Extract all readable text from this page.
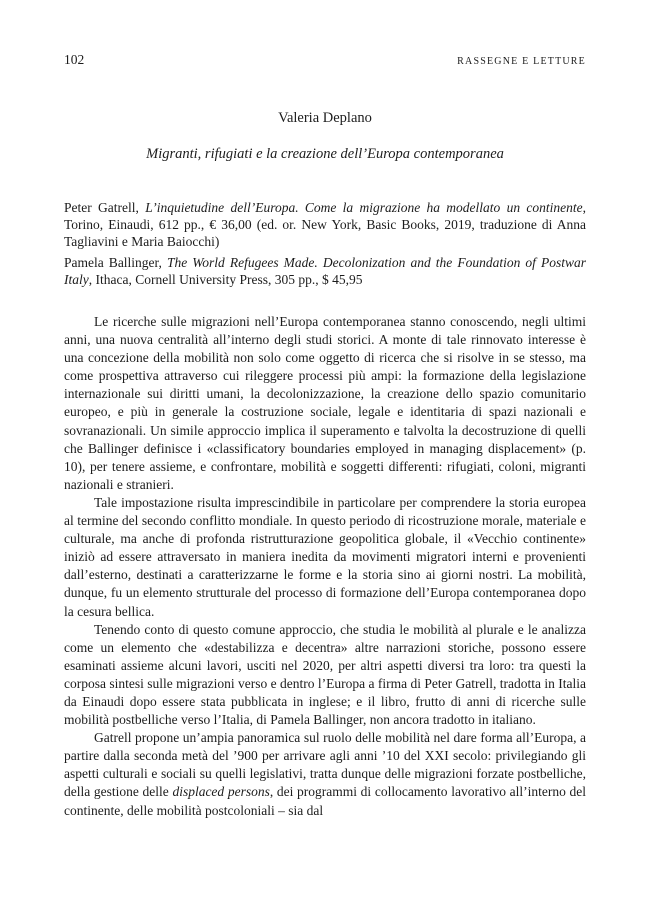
102	RASSEGNE E LETTURE
Valeria Deplano
Migranti, rifugiati e la creazione dell’Europa contemporanea

Peter Gatrell, L’inquietudine dell’Europa. Come la migrazione ha modellato un continente, Torino, Einaudi, 612 pp., € 36,00 (ed. or. New York, Basic Books, 2019, traduzione di Anna Tagliavini e Maria Baiocchi)

Pamela Ballinger, The World Refugees Made. Decolonization and the Foundation of Postwar Italy, Ithaca, Cornell University Press, 305 pp., $ 45,95

Le ricerche sulle migrazioni nell’Europa contemporanea stanno conoscendo, negli ultimi anni, una nuova centralità all’interno degli studi storici. A monte di tale rinnovato interesse è una concezione della mobilità non solo come oggetto di ricerca che si risolve in se stesso, ma come prospettiva attraverso cui rileggere processi più ampi: la formazione della legislazione internazionale sui diritti umani, la decolonizzazione, la creazione dello spazio comunitario europeo, e più in generale la costruzione sociale, legale e identitaria di spazi nazionali e sovranazionali. Un simile approccio implica il superamento e talvolta la decostruzione di quelli che Ballinger definisce i «classificatory boundaries employed in managing displacement» (p. 10), per tenere assieme, e confrontare, mobilità e soggetti differenti: rifugiati, coloni, migranti nazionali e stranieri.

Tale impostazione risulta imprescindibile in particolare per comprendere la storia europea al termine del secondo conflitto mondiale. In questo periodo di ricostruzione morale, materiale e culturale, ma anche di profonda ristrutturazione geopolitica globale, il «Vecchio continente» iniziò ad essere attraversato in maniera inedita da movimenti migratori interni e provenienti dall’esterno, destinati a caratterizzarne le forme e la storia sino ai giorni nostri. La mobilità, dunque, fu un elemento strutturale del processo di formazione dell’Europa contemporanea dopo la cesura bellica.

Tenendo conto di questo comune approccio, che studia le mobilità al plurale e le analizza come un elemento che «destabilizza e decentra» altre narrazioni storiche, possono essere esaminati assieme alcuni lavori, usciti nel 2020, per altri aspetti diversi tra loro: tra questi la corposa sintesi sulle migrazioni verso e dentro l’Europa a firma di Peter Gatrell, tradotta in Italia da Einaudi dopo essere stata pubblicata in inglese; e il libro, frutto di anni di ricerche sulle mobilità postbelliche verso l’Italia, di Pamela Ballinger, non ancora tradotto in italiano.

Gatrell propone un’ampia panoramica sul ruolo delle mobilità nel dare forma all’Europa, a partire dalla seconda metà del ’900 per arrivare agli anni ’10 del XXI secolo: privilegiando gli aspetti culturali e sociali su quelli legislativi, tratta dunque delle migrazioni forzate postbelliche, della gestione delle displaced persons, dei programmi di collocamento lavorativo all’interno del continente, delle mobilità postcoloniali – sia dal
